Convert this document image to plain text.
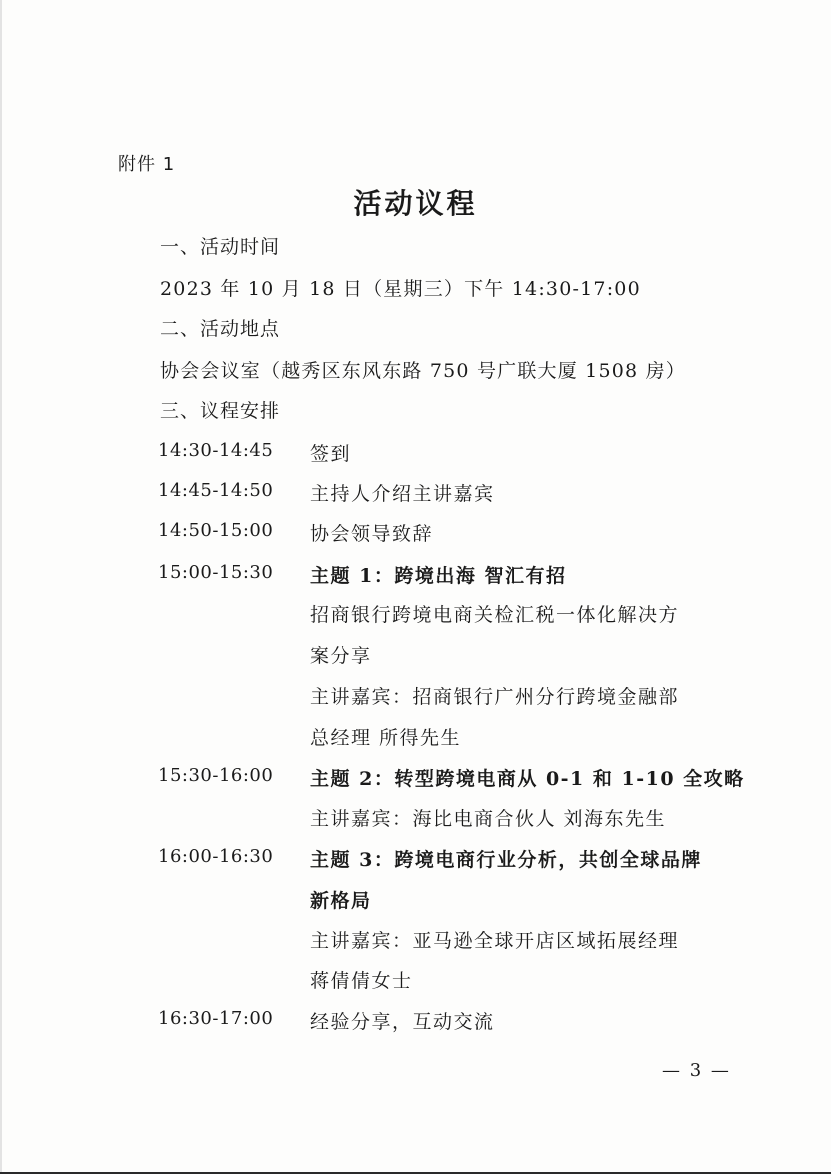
附件 1
活动议程
一、活动时间
2023 年 10 月 18 日（星期三）下午 14:30-17:00
二、活动地点
协会会议室（越秀区东风东路 750 号广联大厦 1508 房）
三、议程安排
14:30-14:45 签到
14:45-14:50 主持人介绍主讲嘉宾
14:50-15:00 协会领导致辞
15:00-15:30 主题 1：跨境出海 智汇有招
招商银行跨境电商关检汇税一体化解决方
案分享
主讲嘉宾：招商银行广州分行跨境金融部
总经理 所得先生
15:30-16:00 主题 2：转型跨境电商从 0-1 和 1-10 全攻略
主讲嘉宾：海比电商合伙人 刘海东先生
16:00-16:30 主题 3：跨境电商行业分析，共创全球品牌
新格局
主讲嘉宾：亚马逊全球开店区域拓展经理
蒋倩倩女士
16:30-17:00 经验分享，互动交流
— 3 —
